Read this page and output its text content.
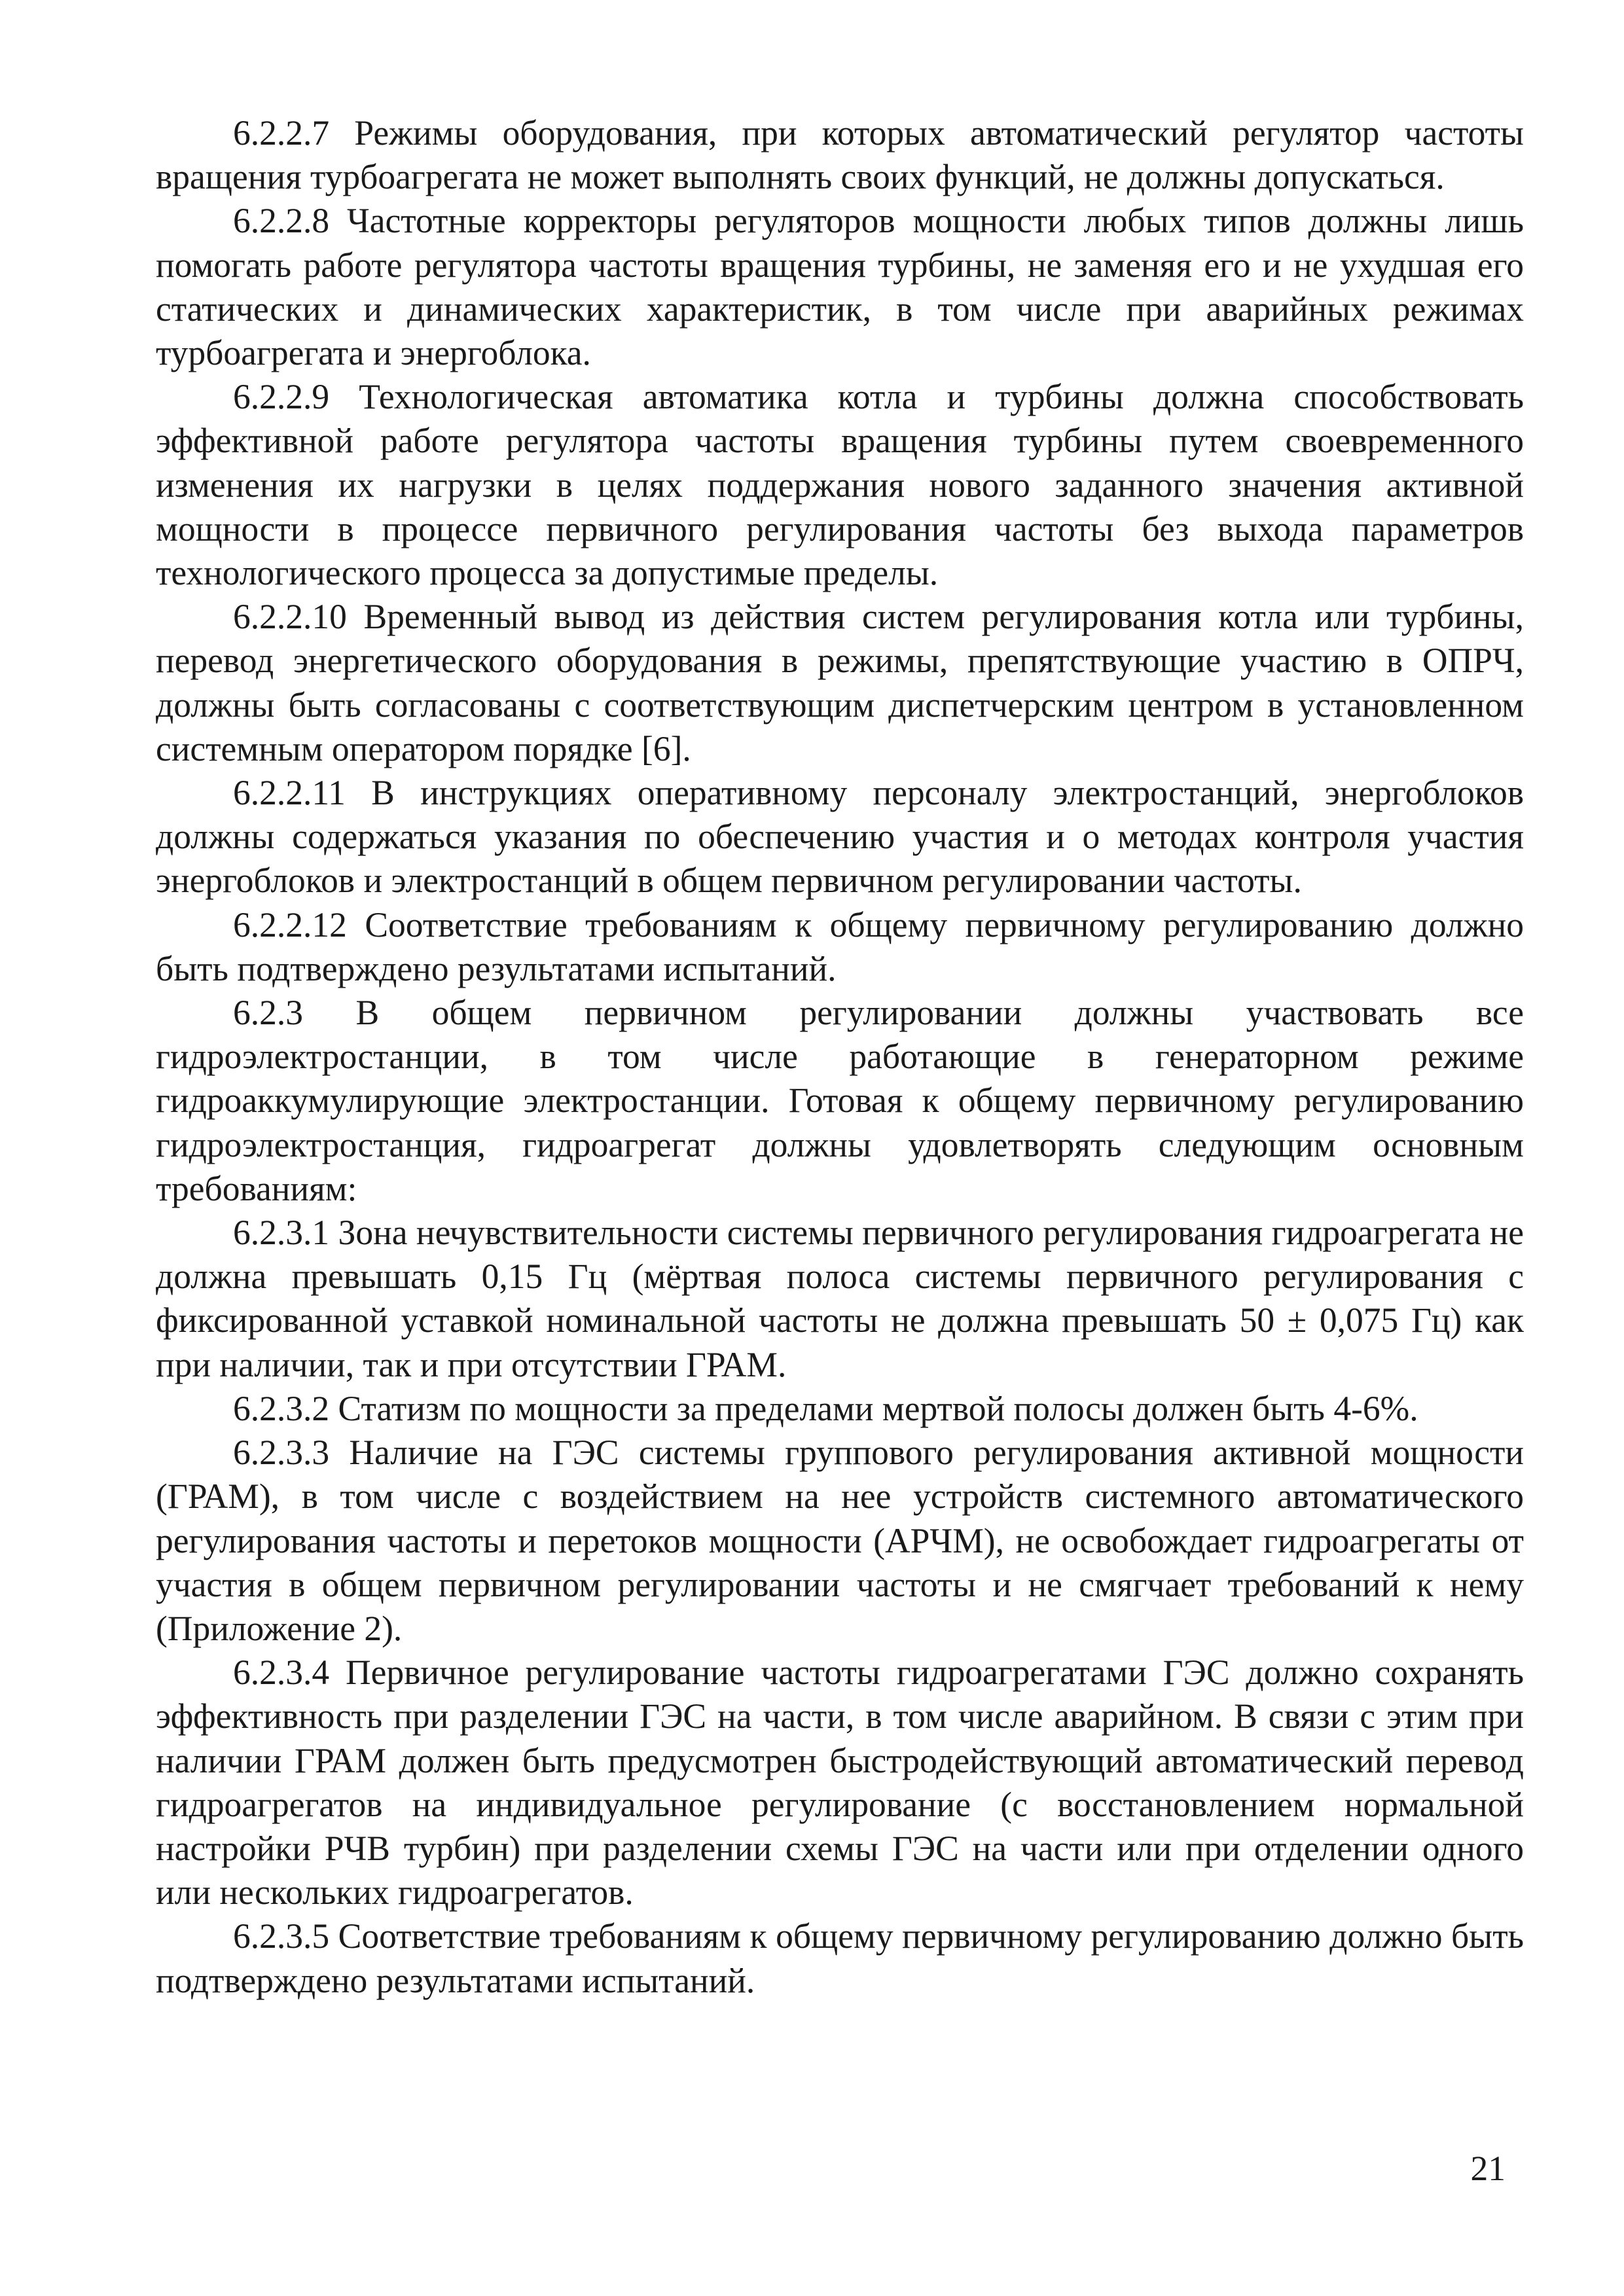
6.2.2.7 Режимы оборудования, при которых автоматический регулятор частоты вращения турбоагрегата не может выполнять своих функций, не должны допускаться.

6.2.2.8 Частотные корректоры регуляторов мощности любых типов должны лишь помогать работе регулятора частоты вращения турбины, не заменяя его и не ухудшая его статических и динамических характеристик, в том числе при аварийных режимах турбоагрегата и энергоблока.

6.2.2.9 Технологическая автоматика котла и турбины должна способствовать эффективной работе регулятора частоты вращения турбины путем своевременного изменения их нагрузки в целях поддержания нового заданного значения активной мощности в процессе первичного регулирования частоты без выхода параметров технологического процесса за допустимые пределы.

6.2.2.10 Временный вывод из действия систем регулирования котла или турбины, перевод энергетического оборудования в режимы, препятствующие участию в ОПРЧ, должны быть согласованы с соответствующим диспетчерским центром в установленном системным оператором порядке [6].

6.2.2.11 В инструкциях оперативному персоналу электростанций, энергоблоков должны содержаться указания по обеспечению участия и о методах контроля участия энергоблоков и электростанций в общем первичном регулировании частоты.

6.2.2.12 Соответствие требованиям к общему первичному регулированию должно быть подтверждено результатами испытаний.

6.2.3 В общем первичном регулировании должны участвовать все гидроэлектростанции, в том числе работающие в генераторном режиме гидроаккумулирующие электростанции. Готовая к общему первичному регулированию гидроэлектростанция, гидроагрегат должны удовлетворять следующим основным требованиям:

6.2.3.1 Зона нечувствительности системы первичного регулирования гидроагрегата не должна превышать 0,15 Гц (мёртвая полоса системы первичного регулирования с фиксированной уставкой номинальной частоты не должна превышать 50 ± 0,075 Гц) как при наличии, так и при отсутствии ГРАМ.

6.2.3.2 Статизм по мощности за пределами мертвой полосы должен быть 4-6%.

6.2.3.3 Наличие на ГЭС системы группового регулирования активной мощности (ГРАМ), в том числе с воздействием на нее устройств системного автоматического регулирования частоты и перетоков мощности (АРЧМ), не освобождает гидроагрегаты от участия в общем первичном регулировании частоты и не смягчает требований к нему (Приложение 2).

6.2.3.4 Первичное регулирование частоты гидроагрегатами ГЭС должно сохранять эффективность при разделении ГЭС на части, в том числе аварийном. В связи с этим при наличии ГРАМ должен быть предусмотрен быстродействующий автоматический перевод гидроагрегатов на индивидуальное регулирование (с восстановлением нормальной настройки РЧВ турбин) при разделении схемы ГЭС на части или при отделении одного или нескольких гидроагрегатов.

6.2.3.5 Соответствие требованиям к общему первичному регулированию должно быть подтверждено результатами испытаний.

21
